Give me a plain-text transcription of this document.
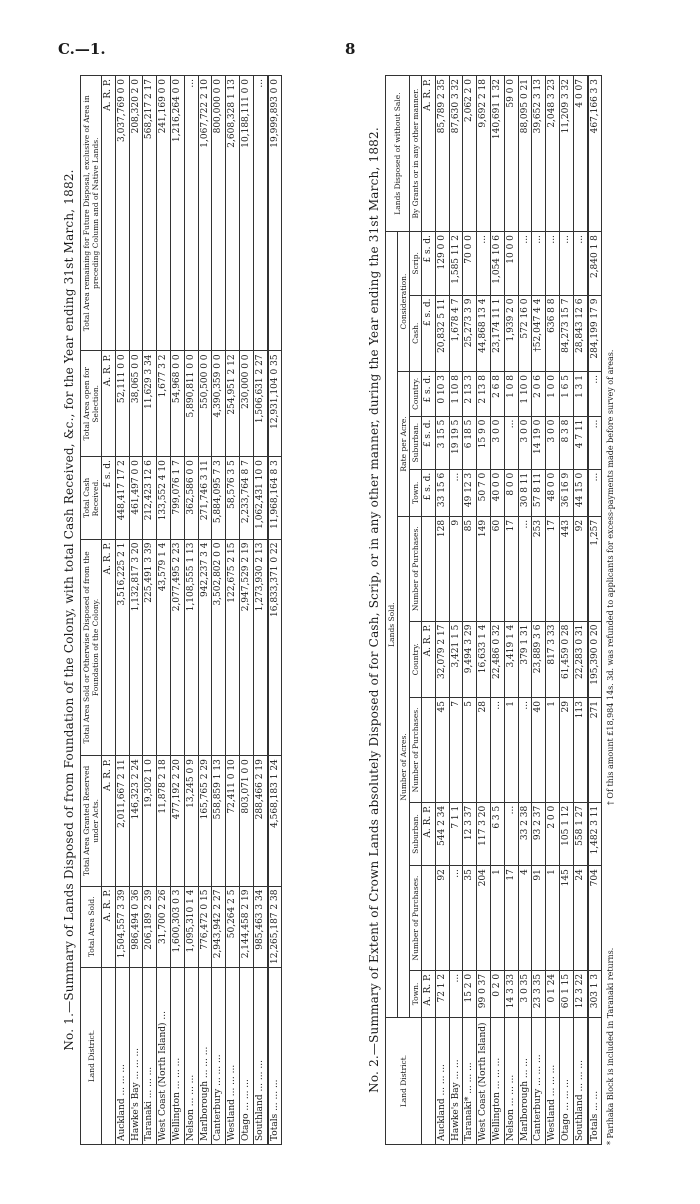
C.—1.	8
No. 1.—Summary of Lands Disposed of from Foundation of the Colony, with total Cash Received, &c., for the Year ending 31st March, 1882.
Land District.	Total Area Sold.	Total Area Granted Reserved under Acts.	Total Area Sold or Otherwise Disposed of from the Foundation of the Colony.	Total Cash Received.	Total Area open for Selection.	Total Area remaining for Future Disposal, exclusive of Area in preceding Column and of Native Lands.
	A. R. P.	A. R. P.	A. R. P.	£ s. d.	A. R. P.	A. R. P.
Auckland ... ... ...	1,504,557 3 39	2,011,667 2 11	3,516,225 2 1	448,417 17 2	52,111 0 0	3,037,769 0 0
Hawke's Bay ... ... ...	986,494 0 36	146,323 2 24	1,132,817 3 20	461,497 0 0	38,065 0 0	208,320 2 0
Taranaki ... ... ...	206,189 2 39	19,302 1 0	225,491 3 39	212,423 12 6	11,629 3 34	568,217 2 17
West Coast (North Island) ...	31,700 2 26	11,878 2 18	43,579 1 4	133,552 4 10	1,677 3 2	241,169 0 0
Wellington ... ... ...	1,600,303 0 3	477,192 2 20	2,077,495 2 23	799,076 1 7	54,968 0 0	1,216,264 0 0
Nelson ... ... ...	1,095,310 1 4	13,245 0 9	1,108,555 1 13	362,586 0 0	5,890,811 0 0	...
Marlborough ... ... ...	776,472 0 15	165,765 2 29	942,237 3 4	271,746 3 11	550,500 0 0	1,067,722 2 10
Canterbury ... ... ...	2,943,942 2 27	558,859 1 13	3,502,802 0 0	5,884,095 7 3	4,390,359 0 0	800,000 0 0
Westland ... ... ...	50,264 2 5	72,411 0 10	122,675 2 15	58,576 3 5	254,951 2 12	2,608,328 1 13
Otago ... ... ...	2,144,458 2 19	803,071 0 0	2,947,529 2 19	2,233,764 8 7	230,000 0 0	10,188,111 0 0
Southland ... ... ...	985,463 3 34	288,466 2 19	1,273,930 2 13	1,062,431 10 0	1,506,631 2 27	...
Totals ... ... ...	12,265,187 2 38	4,568,183 1 24	16,833,371 0 22	11,968,164 8 3	12,931,104 0 35	19,999,893 0 0
No. 2.—Summary of Extent of Crown Lands absolutely Disposed of for Cash, Scrip, or in any other manner, during the Year ending the 31st March, 1882. Land District.	Lands Sold.											Lands Disposed of without Sale.
	Number of Acres.						Rate per Acre.			Consideration.		
	Town.	Number of Purchases.	Suburban.	Number of Purchases.	Country.	Number of Purchases.	Town.	Suburban.	Country.	Cash.	Scrip.	By Grants or in any other manner.
	A. R. P.		A. R. P.		A. R. P.		£ s. d.	£ s. d.	£ s. d.	£ s. d.	£ s. d.	A. R. P.
Auckland ... ... ...	72 1 2	92	544 2 34	45	32,079 2 17	128	33 15 6	3 15 5	0 10 3	20,832 5 11	129 0 0	85,789 2 35
Hawke's Bay ... ...	...	...	7 1 1	7	3,421 1 5	9	...	19 19 5	1 10 8	1,678 4 7	1,585 11 2	87,630 3 32
Taranaki* ... ... ...	15 2 0	35	12 3 37	5	9,494 3 29	85	49 12 3	6 18 5	2 13 3	25,273 3 9	70 0 0	2,062 2 0
West Coast (North Island)	99 0 37	204	117 3 20	28	16,633 1 4	149	50 7 0	15 9 0	2 13 8	44,868 13 4	...	9,692 2 18
Wellington ... ... ...	0 2 0	1	6 3 5	...	22,486 0 32	60	40 0 0	3 0 0	2 6 8	23,174 11 1	1,054 10 6	140,691 1 32
Nelson ... ... ...	14 3 33	17	...	1	3,419 1 4	17	8 0 0	...	1 0 8	1,939 2 0	10 0 0	59 0 0
Marlborough ... ...	3 0 35	4	33 2 38	...	379 1 31	...	30 8 11	3 0 0	1 10 0	572 16 0	...	88,095 0 21
Canterbury ... ... ...	23 3 35	91	93 2 37	40	23,889 3 6	253	57 8 11	14 19 0	2 0 6	†52,047 4 4	...	39,652 3 13
Westland ... ... ...	0 1 24	1	2 0 0	1	817 3 33	17	48 0 0	3 0 0	1 0 0	636 8 8	...	2,048 3 23
Otago ... ... ...	60 1 15	145	105 1 12	29	61,459 0 28	443	36 16 9	8 3 8	1 6 5	84,273 15 7	...	11,209 3 32
Southland ... ... ...	12 3 22	24	558 1 27	113	22,283 0 31	92	44 15 0	4 7 11	1 3 1	28,843 12 6	...	4 0 07
Totals ... ...	303 1 3	704	1,482 3 11	271	195,390 0 20	1,257	...	...	...	284,199 17 9	2,840 1 8	467,166 3 3
* Parihaka Block is included in Taranaki returns. † Of this amount £18,984 14s. 3d. was refunded to applicants for excess-payments made before survey of areas.
